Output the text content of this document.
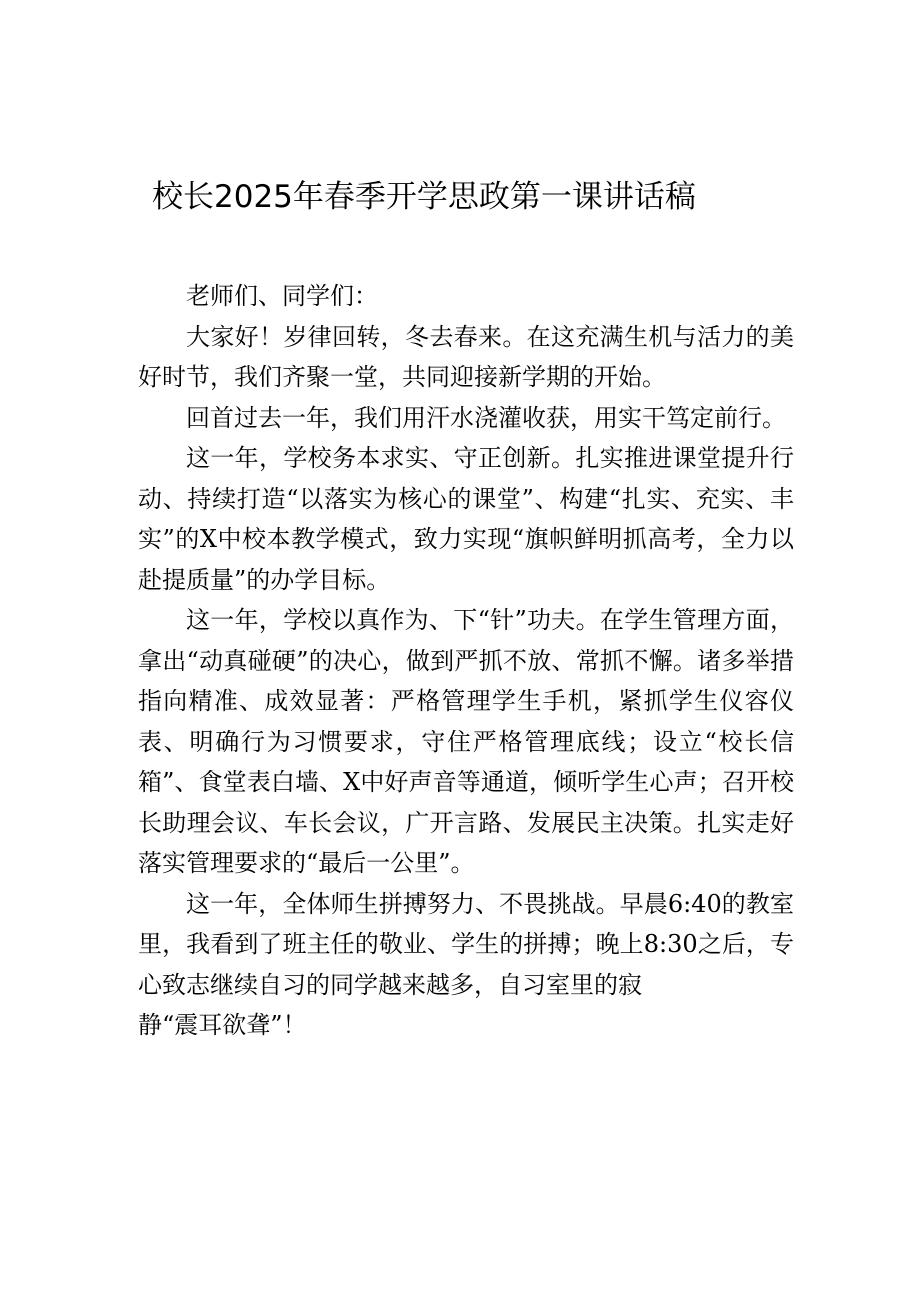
校长2025年春季开学思政第一课讲话稿

老师们、同学们：

大家好！岁律回转，冬去春来。在这充满生机与活力的美好时节，我们齐聚一堂，共同迎接新学期的开始。

回首过去一年，我们用汗水浇灌收获，用实干笃定前行。

这一年，学校务本求实、守正创新。扎实推进课堂提升行动、持续打造“以落实为核心的课堂”、构建“扎实、充实、丰实”的X中校本教学模式，致力实现“旗帜鲜明抓高考，全力以赴提质量”的办学目标。

这一年，学校以真作为、下“针”功夫。在学生管理方面，拿出“动真碰硬”的决心，做到严抓不放、常抓不懈。诸多举措指向精准、成效显著：严格管理学生手机，紧抓学生仪容仪表、明确行为习惯要求，守住严格管理底线；设立“校长信箱”、食堂表白墙、X中好声音等通道，倾听学生心声；召开校长助理会议、车长会议，广开言路、发展民主决策。扎实走好落实管理要求的“最后一公里”。

这一年，全体师生拼搏努力、不畏挑战。早晨6:40的教室里，我看到了班主任的敬业、学生的拼搏；晚上8:30之后，专心致志继续自习的同学越来越多，自习室里的寂

静“震耳欲聋”！
